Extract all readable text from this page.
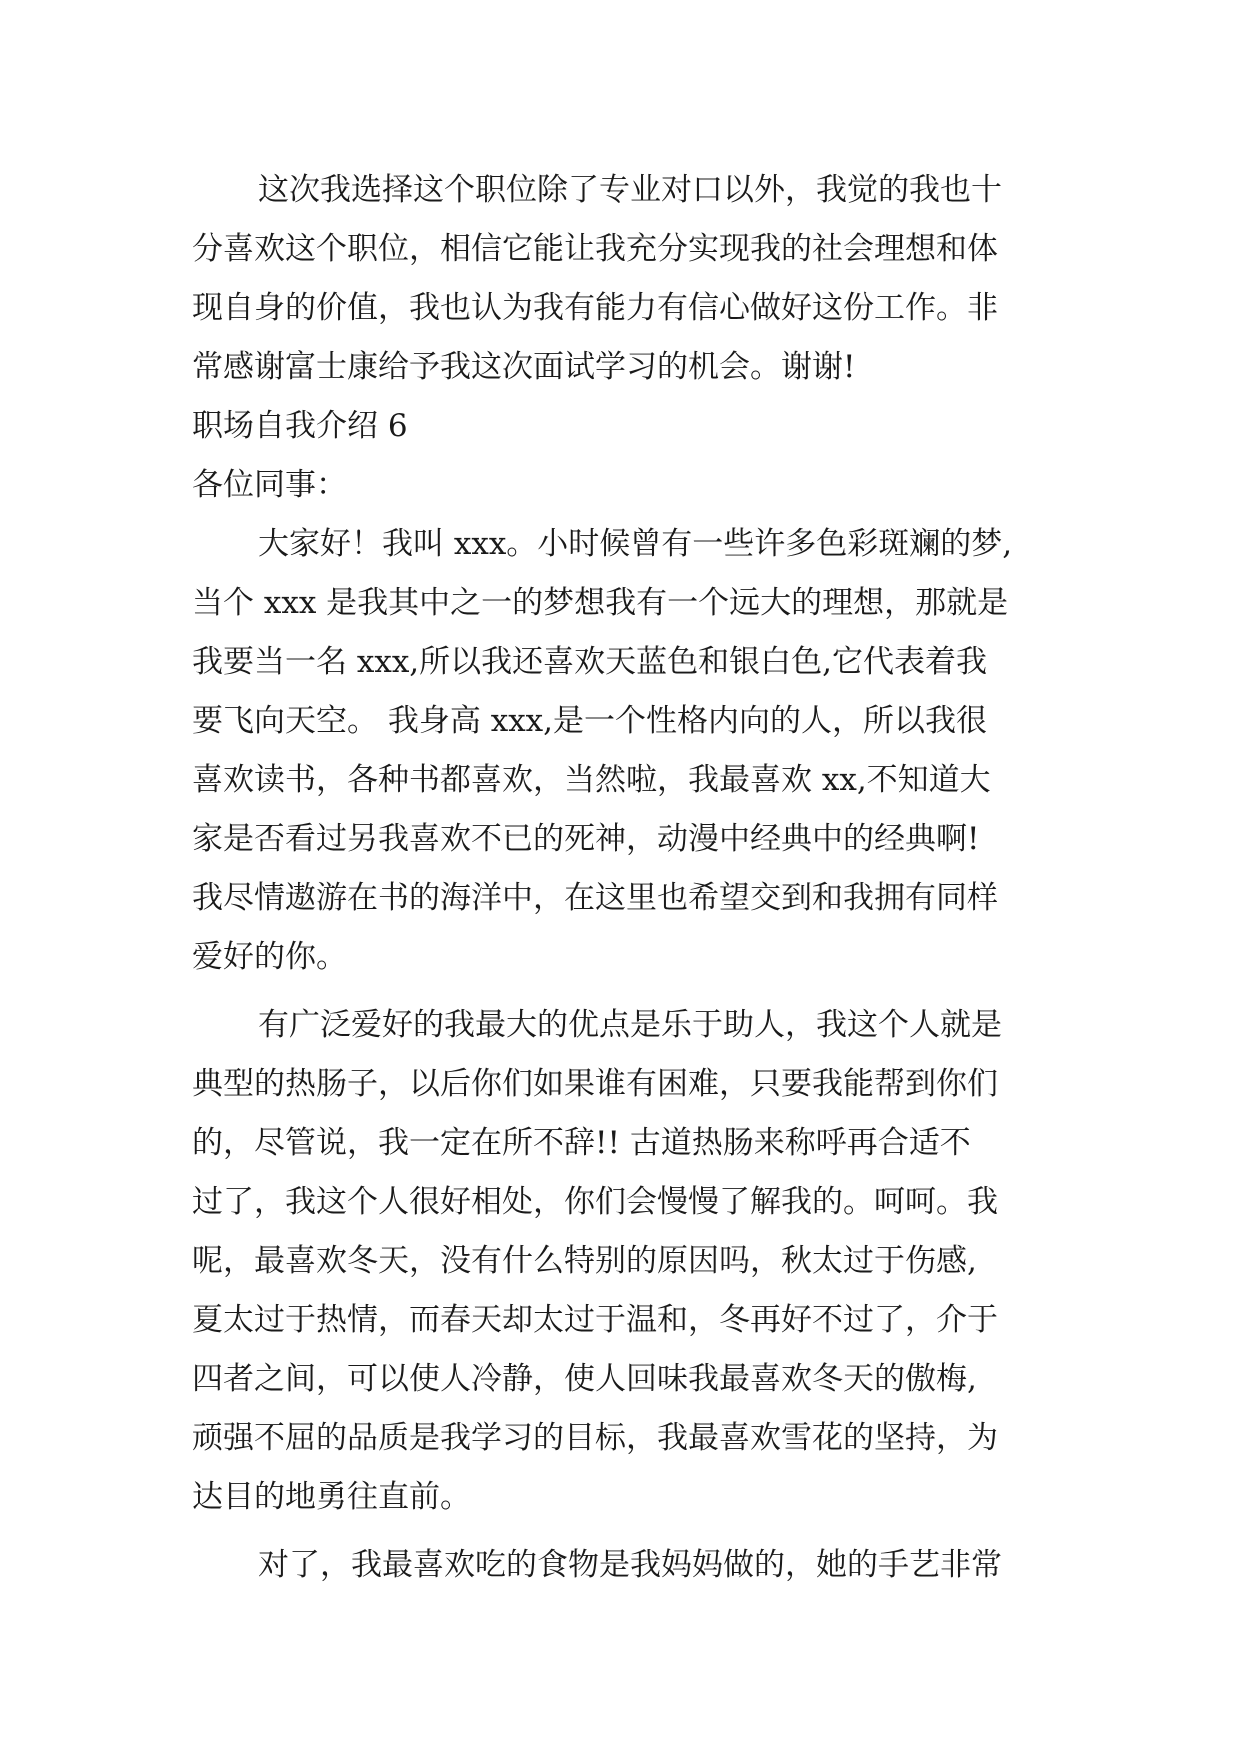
这次我选择这个职位除了专业对口以外，我觉的我也十
分喜欢这个职位，相信它能让我充分实现我的社会理想和体
现自身的价值，我也认为我有能力有信心做好这份工作。非
常感谢富士康给予我这次面试学习的机会。谢谢!
职场自我介绍 6
各位同事：
大家好！我叫 xxx。小时候曾有一些许多色彩斑斓的梦,
当个 xxx 是我其中之一的梦想我有一个远大的理想，那就是
我要当一名 xxx,所以我还喜欢天蓝色和银白色,它代表着我
要飞向天空。 我身高 xxx,是一个性格内向的人，所以我很
喜欢读书，各种书都喜欢，当然啦，我最喜欢 xx,不知道大
家是否看过另我喜欢不已的死神，动漫中经典中的经典啊!
我尽情遨游在书的海洋中，在这里也希望交到和我拥有同样
爱好的你。
有广泛爱好的我最大的优点是乐于助人，我这个人就是
典型的热肠子，以后你们如果谁有困难，只要我能帮到你们
的，尽管说，我一定在所不辞!! 古道热肠来称呼再合适不
过了，我这个人很好相处，你们会慢慢了解我的。呵呵。我
呢，最喜欢冬天，没有什么特别的原因吗，秋太过于伤感,
夏太过于热情，而春天却太过于温和，冬再好不过了，介于
四者之间，可以使人冷静，使人回味我最喜欢冬天的傲梅,
顽强不屈的品质是我学习的目标，我最喜欢雪花的坚持，为
达目的地勇往直前。
对了，我最喜欢吃的食物是我妈妈做的，她的手艺非常
